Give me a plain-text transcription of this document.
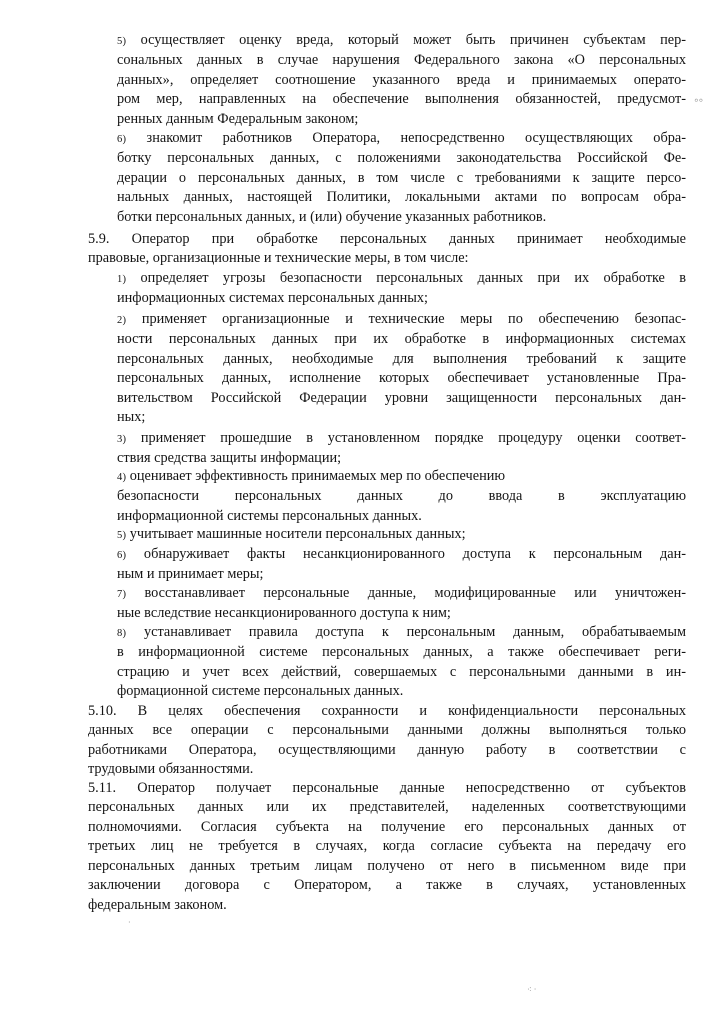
5) осуществляет оценку вреда, который может быть причинен субъектам пер-
сональных данных в случае нарушения Федерального закона «О персональных
данных», определяет соотношение указанного вреда и принимаемых операто-
ром мер, направленных на обеспечение выполнения обязанностей, предусмот-
ренных данным Федеральным законом;
6) знакомит работников Оператора, непосредственно осуществляющих обра-
ботку персональных данных, с положениями законодательства Российской Фе-
дерации о персональных данных, в том числе с требованиями к защите персо-
нальных данных, настоящей Политики, локальными актами по вопросам обра-
ботки персональных данных, и (или) обучение указанных работников.
5.9. Оператор при обработке персональных данных принимает необходимые
правовые, организационные и технические меры, в том числе:
1) определяет угрозы безопасности персональных данных при их обработке в
информационных системах персональных данных;
2) применяет организационные и технические меры по обеспечению безопас-
ности персональных данных при их обработке в информационных системах
персональных данных, необходимые для выполнения требований к защите
персональных данных, исполнение которых обеспечивает установленные Пра-
вительством Российской Федерации уровни защищенности персональных дан-
ных;
3) применяет прошедшие в установленном порядке процедуру оценки соответ-
ствия средства защиты информации;
4) оценивает эффективность принимаемых мер по обеспечению
безопасности персональных данных до ввода в эксплуатацию
информационной системы персональных данных.
5) учитывает машинные носители персональных данных;
6) обнаруживает факты несанкционированного доступа к персональным дан-
ным и принимает меры;
7) восстанавливает персональные данные, модифицированные или уничтожен-
ные вследствие несанкционированного доступа к ним;
8) устанавливает правила доступа к персональным данным, обрабатываемым
в информационной системе персональных данных, а также обеспечивает реги-
страцию и учет всех действий, совершаемых с персональными данными в ин-
формационной системе персональных данных.
5.10. В целях обеспечения сохранности и конфиденциальности персональных
данных все операции с персональными данными должны выполняться только
работниками Оператора, осуществляющими данную работу в соответствии с
трудовыми обязанностями.
5.11. Оператор получает персональные данные непосредственно от субъектов
персональных данных или их представителей, наделенных соответствующими
полномочиями. Согласия субъекта на получение его персональных данных от
третьих лиц не требуется в случаях, когда согласие субъекта на передачу его
персональных данных третьим лицам получено от него в письменном виде при
заключении договора с Оператором, а также в случаях, установленных
федеральным законом.
⸰⸰
·
⁖ ·
